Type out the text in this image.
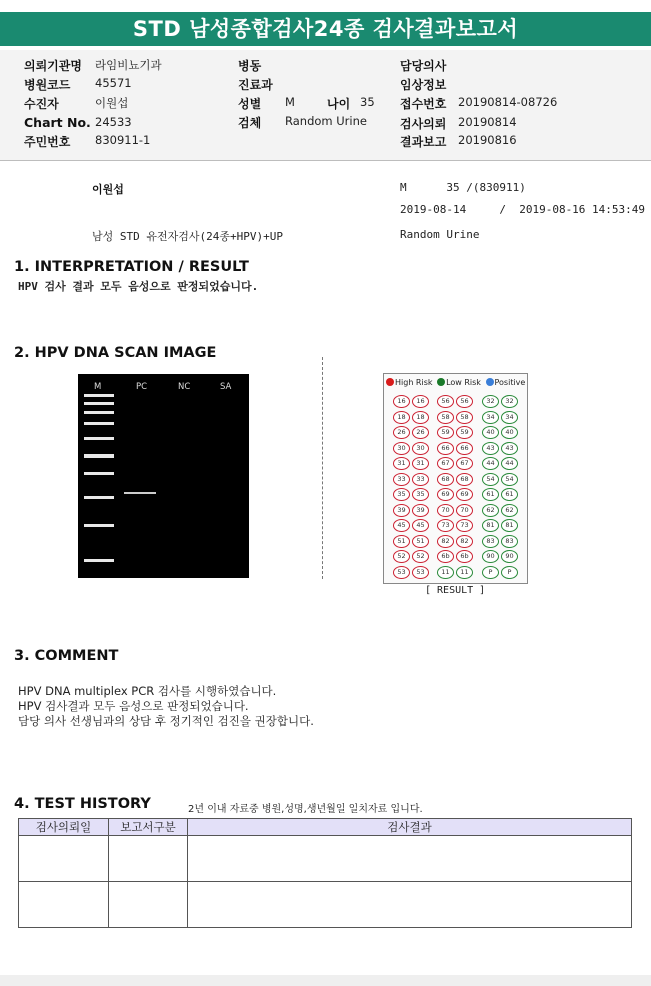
STD 남성종합검사24종 검사결과보고서
의뢰기관명 라임비뇨기과
병원코드 45571
수진자	이원섭
Chart No. 24533
주민번호 830911-1
병동
진료과
성별 M	나이 35
검체 Random Urine
담당의사
임상정보
접수번호 20190814-08726
검사의뢰 20190814
결과보고 20190816
이원섭	M      35 /(830911)
2019-08-14     /  2019-08-16 14:53:49
남성 STD 유전자검사(24종+HPV)+UP	Random Urine
1. INTERPRETATION / RESULT
HPV 검사 결과 모두 음성으로 판정되었습니다.
2. HPV DNA SCAN IMAGE
M	PC	NC	SA	High Risk Low Risk Positive
16	16	56	56	32	32
18	18	58	58	34	34
26	26	59	59	40	40
30	30	66	66	43	43
31	31	67	67	44	44
33	33	68	68	54	54
35	35	69	69	61	61
39	39	70	70	62	62
45	45	73	73	81	81
51	51	82	82	83	83
52	52	6b	6b	90	90
53	53	11	11	P	P
[ RESULT ]
3. COMMENT
HPV DNA multiplex PCR 검사를 시행하였습니다.
HPV 검사결과 모두 음성으로 판정되었습니다.
담당 의사 선생님과의 상담 후 정기적인 검진을 권장합니다.
4. TEST HISTORY	2년 이내 자료중 병원,성명,생년월일 일치자료 입니다.
검사의뢰일	보고서구분	검사결과
